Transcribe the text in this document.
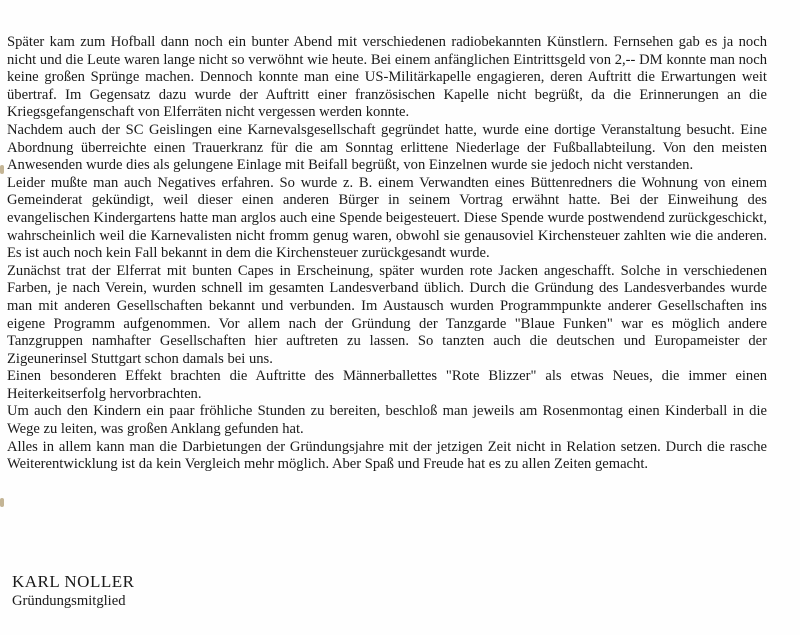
Später kam zum Hofball dann noch ein bunter Abend mit verschiedenen radiobekannten Künstlern. Fernsehen gab es ja noch nicht und die Leute waren lange nicht so verwöhnt wie heute. Bei einem anfänglichen Eintrittsgeld von 2,-- DM konnte man noch keine großen Sprünge machen. Dennoch konnte man eine US-Militärkapelle engagieren, deren Auftritt die Erwartungen weit übertraf. Im Gegensatz dazu wurde der Auftritt einer französischen Kapelle nicht begrüßt, da die Erinnerungen an die Kriegsgefangenschaft von Elferräten nicht vergessen werden konnte.

Nachdem auch der SC Geislingen eine Karnevalsgesellschaft gegründet hatte, wurde eine dortige Veranstaltung besucht. Eine Abordnung überreichte einen Trauerkranz für die am Sonntag erlittene Niederlage der Fußballabteilung. Von den meisten Anwesenden wurde dies als gelungene Einlage mit Beifall begrüßt, von Einzelnen wurde sie jedoch nicht verstanden.

Leider mußte man auch Negatives erfahren. So wurde z. B. einem Verwandten eines Büttenredners die Wohnung von einem Gemeinderat gekündigt, weil dieser einen anderen Bürger in seinem Vortrag erwähnt hatte. Bei der Einweihung des evangelischen Kindergartens hatte man arglos auch eine Spende beigesteuert. Diese Spende wurde postwendend zurückgeschickt, wahrscheinlich weil die Karnevalisten nicht fromm genug waren, obwohl sie genausoviel Kirchensteuer zahlten wie die anderen. Es ist auch noch kein Fall bekannt in dem die Kirchensteuer zurückgesandt wurde.

Zunächst trat der Elferrat mit bunten Capes in Erscheinung, später wurden rote Jacken angeschafft. Solche in verschiedenen Farben, je nach Verein, wurden schnell im gesamten Landesverband üblich. Durch die Gründung des Landesverbandes wurde man mit anderen Gesellschaften bekannt und verbunden. Im Austausch wurden Programmpunkte anderer Gesellschaften ins eigene Programm aufgenommen. Vor allem nach der Gründung der Tanzgarde "Blaue Funken" war es möglich andere Tanzgruppen namhafter Gesellschaften hier auftreten zu lassen. So tanzten auch die deutschen und Europameister der Zigeunerinsel Stuttgart schon damals bei uns.

Einen besonderen Effekt brachten die Auftritte des Männerballettes "Rote Blizzer" als etwas Neues, die immer einen Heiterkeitserfolg hervorbrachten.

Um auch den Kindern ein paar fröhliche Stunden zu bereiten, beschloß man jeweils am Rosenmontag einen Kinderball in die Wege zu leiten, was großen Anklang gefunden hat.

Alles in allem kann man die Darbietungen der Gründungsjahre mit der jetzigen Zeit nicht in Relation setzen. Durch die rasche Weiterentwicklung ist da kein Vergleich mehr möglich. Aber Spaß und Freude hat es zu allen Zeiten gemacht.

KARL NOLLER
Gründungsmitglied
